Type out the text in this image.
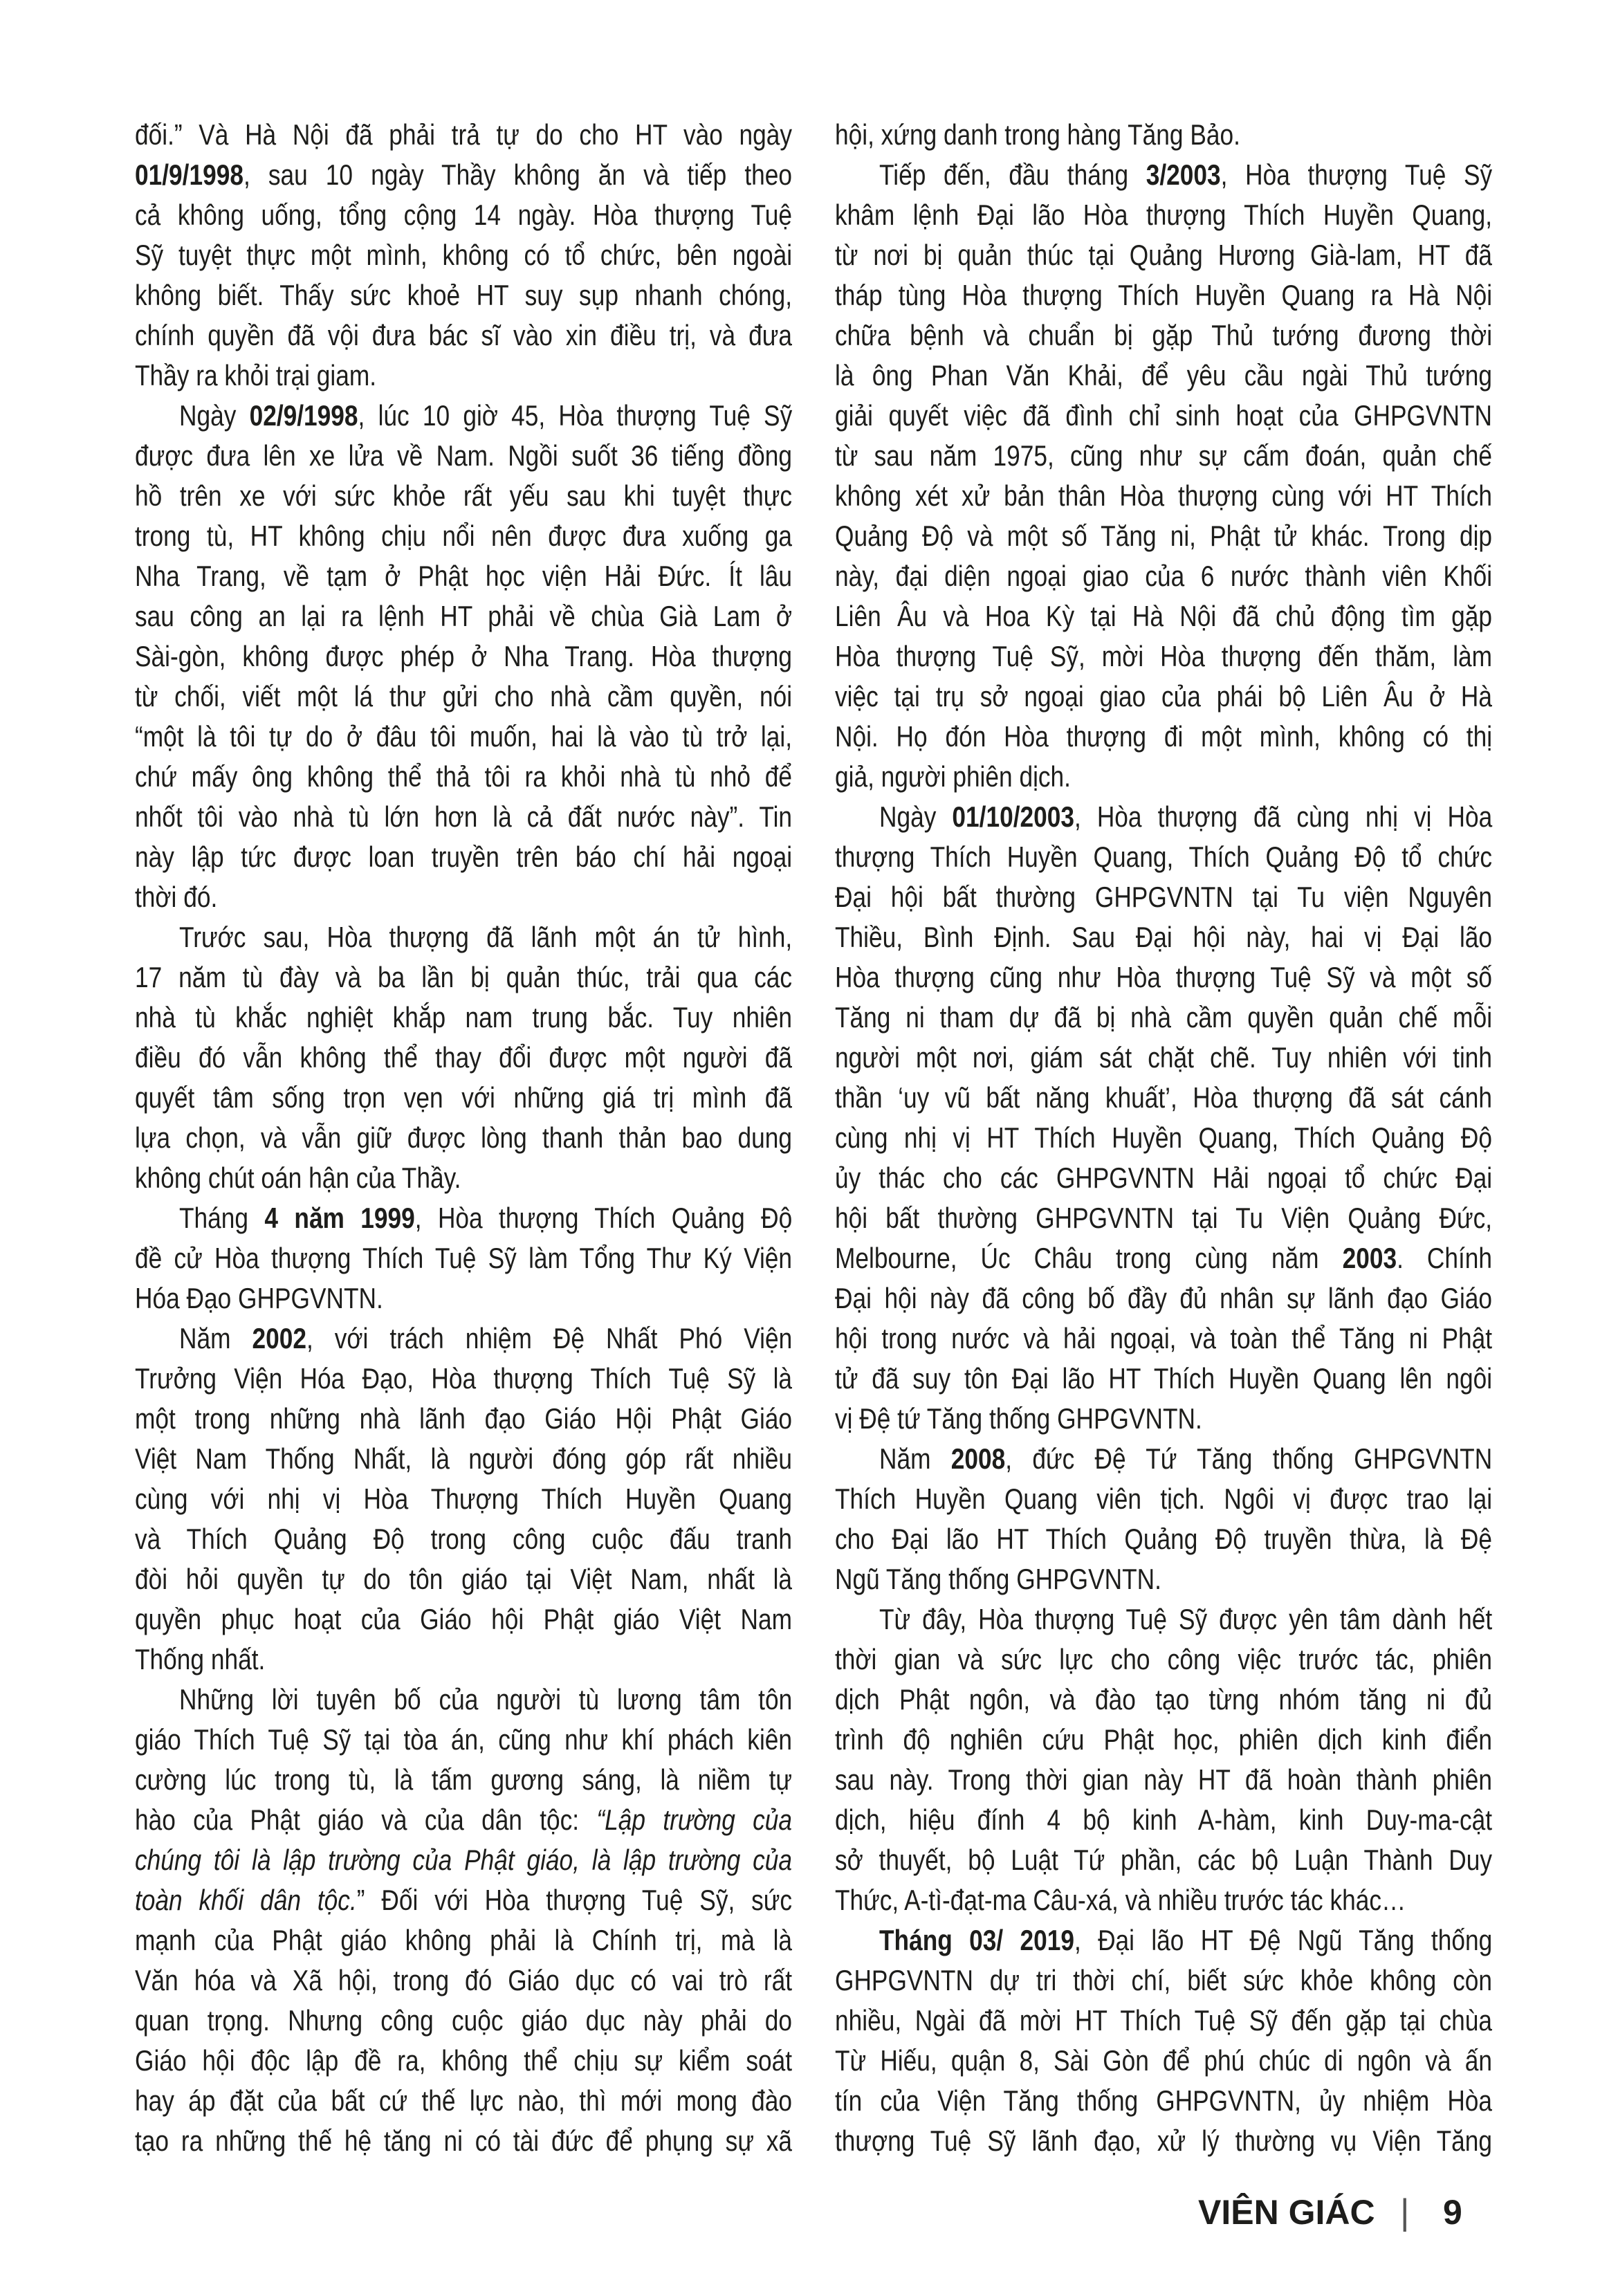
đối.” Và Hà Nội đã phải trả tự do cho HT vào ngày
01/9/1998, sau 10 ngày Thầy không ăn và tiếp theo
cả không uống, tổng cộng 14 ngày. Hòa thượng Tuệ
Sỹ tuyệt thực một mình, không có tổ chức, bên ngoài
không biết. Thấy sức khoẻ HT suy sụp nhanh chóng,
chính quyền đã vội đưa bác sĩ vào xin điều trị, và đưa
Thầy ra khỏi trại giam.
Ngày 02/9/1998, lúc 10 giờ 45, Hòa thượng Tuệ Sỹ
được đưa lên xe lửa về Nam. Ngồi suốt 36 tiếng đồng
hồ trên xe với sức khỏe rất yếu sau khi tuyệt thực
trong tù, HT không chịu nổi nên được đưa xuống ga
Nha Trang, về tạm ở Phật học viện Hải Đức. Ít lâu
sau công an lại ra lệnh HT phải về chùa Già Lam ở
Sài-gòn, không được phép ở Nha Trang. Hòa thượng
từ chối, viết một lá thư gửi cho nhà cầm quyền, nói
“một là tôi tự do ở đâu tôi muốn, hai là vào tù trở lại,
chứ mấy ông không thể thả tôi ra khỏi nhà tù nhỏ để
nhốt tôi vào nhà tù lớn hơn là cả đất nước này”. Tin
này lập tức được loan truyền trên báo chí hải ngoại
thời đó.
Trước sau, Hòa thượng đã lãnh một án tử hình,
17 năm tù đày và ba lần bị quản thúc, trải qua các
nhà tù khắc nghiệt khắp nam trung bắc. Tuy nhiên
điều đó vẫn không thể thay đổi được một người đã
quyết tâm sống trọn vẹn với những giá trị mình đã
lựa chọn, và vẫn giữ được lòng thanh thản bao dung
không chút oán hận của Thầy.
Tháng 4 năm 1999, Hòa thượng Thích Quảng Độ
đề cử Hòa thượng Thích Tuệ Sỹ làm Tổng Thư Ký Viện
Hóa Đạo GHPGVNTN.
Năm 2002, với trách nhiệm Đệ Nhất Phó Viện
Trưởng Viện Hóa Đạo, Hòa thượng Thích Tuệ Sỹ là
một trong những nhà lãnh đạo Giáo Hội Phật Giáo
Việt Nam Thống Nhất, là người đóng góp rất nhiều
cùng với nhị vị Hòa Thượng Thích Huyền Quang
và Thích Quảng Độ trong công cuộc đấu tranh
đòi hỏi quyền tự do tôn giáo tại Việt Nam, nhất là
quyền phục hoạt của Giáo hội Phật giáo Việt Nam
Thống nhất.
Những lời tuyên bố của người tù lương tâm tôn
giáo Thích Tuệ Sỹ tại tòa án, cũng như khí phách kiên
cường lúc trong tù, là tấm gương sáng, là niềm tự
hào của Phật giáo và của dân tộc: “Lập trường của
chúng tôi là lập trường của Phật giáo, là lập trường của
toàn khối dân tộc.” Đối với Hòa thượng Tuệ Sỹ, sức
mạnh của Phật giáo không phải là Chính trị, mà là
Văn hóa và Xã hội, trong đó Giáo dục có vai trò rất
quan trọng. Nhưng công cuộc giáo dục này phải do
Giáo hội độc lập đề ra, không thể chịu sự kiểm soát
hay áp đặt của bất cứ thế lực nào, thì mới mong đào
tạo ra những thế hệ tăng ni có tài đức để phụng sự xã
hội, xứng danh trong hàng Tăng Bảo.
Tiếp đến, đầu tháng 3/2003, Hòa thượng Tuệ Sỹ
khâm lệnh Đại lão Hòa thượng Thích Huyền Quang,
từ nơi bị quản thúc tại Quảng Hương Già-lam, HT đã
tháp tùng Hòa thượng Thích Huyền Quang ra Hà Nội
chữa bệnh và chuẩn bị gặp Thủ tướng đương thời
là ông Phan Văn Khải, để yêu cầu ngài Thủ tướng
giải quyết việc đã đình chỉ sinh hoạt của GHPGVNTN
từ sau năm 1975, cũng như sự cấm đoán, quản chế
không xét xử bản thân Hòa thượng cùng với HT Thích
Quảng Độ và một số Tăng ni, Phật tử khác. Trong dịp
này, đại diện ngoại giao của 6 nước thành viên Khối
Liên Âu và Hoa Kỳ tại Hà Nội đã chủ động tìm gặp
Hòa thượng Tuệ Sỹ, mời Hòa thượng đến thăm, làm
việc tại trụ sở ngoại giao của phái bộ Liên Âu ở Hà
Nội. Họ đón Hòa thượng đi một mình, không có thị
giả, người phiên dịch.
Ngày 01/10/2003, Hòa thượng đã cùng nhị vị Hòa
thượng Thích Huyền Quang, Thích Quảng Độ tổ chức
Đại hội bất thường GHPGVNTN tại Tu viện Nguyên
Thiều, Bình Định. Sau Đại hội này, hai vị Đại lão
Hòa thượng cũng như Hòa thượng Tuệ Sỹ và một số
Tăng ni tham dự đã bị nhà cầm quyền quản chế mỗi
người một nơi, giám sát chặt chẽ. Tuy nhiên với tinh
thần ‘uy vũ bất năng khuất’, Hòa thượng đã sát cánh
cùng nhị vị HT Thích Huyền Quang, Thích Quảng Độ
ủy thác cho các GHPGVNTN Hải ngoại tổ chức Đại
hội bất thường GHPGVNTN tại Tu Viện Quảng Đức,
Melbourne, Úc Châu trong cùng năm 2003. Chính
Đại hội này đã công bố đầy đủ nhân sự lãnh đạo Giáo
hội trong nước và hải ngoại, và toàn thể Tăng ni Phật
tử đã suy tôn Đại lão HT Thích Huyền Quang lên ngôi
vị Đệ tứ Tăng thống GHPGVNTN.
Năm 2008, đức Đệ Tứ Tăng thống GHPGVNTN
Thích Huyền Quang viên tịch. Ngôi vị được trao lại
cho Đại lão HT Thích Quảng Độ truyền thừa, là Đệ
Ngũ Tăng thống GHPGVNTN.
Từ đây, Hòa thượng Tuệ Sỹ được yên tâm dành hết
thời gian và sức lực cho công việc trước tác, phiên
dịch Phật ngôn, và đào tạo từng nhóm tăng ni đủ
trình độ nghiên cứu Phật học, phiên dịch kinh điển
sau này. Trong thời gian này HT đã hoàn thành phiên
dịch, hiệu đính 4 bộ kinh A-hàm, kinh Duy-ma-cật
sở thuyết, bộ Luật Tứ phần, các bộ Luận Thành Duy
Thức, A-tì-đạt-ma Câu-xá, và nhiều trước tác khác…
Tháng 03/ 2019, Đại lão HT Đệ Ngũ Tăng thống
GHPGVNTN dự tri thời chí, biết sức khỏe không còn
nhiều, Ngài đã mời HT Thích Tuệ Sỹ đến gặp tại chùa
Từ Hiếu, quận 8, Sài Gòn để phú chúc di ngôn và ấn
tín của Viện Tăng thống GHPGVNTN, ủy nhiệm Hòa
thượng Tuệ Sỹ lãnh đạo, xử lý thường vụ Viện Tăng
VIÊN GIÁC | 9
